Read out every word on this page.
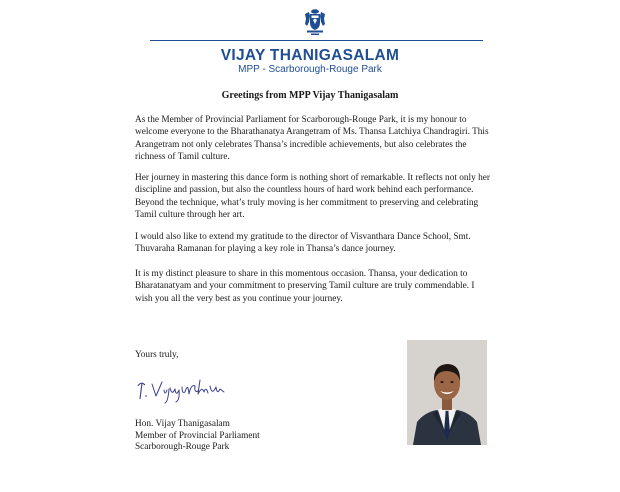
VIJAY THANIGASALAM
MPP - Scarborough-Rouge Park
Greetings from MPP Vijay Thanigasalam

As the Member of Provincial Parliament for Scarborough-Rouge Park, it is my honour to welcome everyone to the Bharathanatya Arangetram of Ms. Thansa Latchiya Chandragiri. This Arangetram not only celebrates Thansa’s incredible achievements, but also celebrates the richness of Tamil culture.

Her journey in mastering this dance form is nothing short of remarkable. It reflects not only her discipline and passion, but also the countless hours of hard work behind each performance. Beyond the technique, what’s truly moving is her commitment to preserving and celebrating Tamil culture through her art.

I would also like to extend my gratitude to the director of Visvanthara Dance School, Smt. Thuvaraha Ramanan for playing a key role in Thansa’s dance journey.

It is my distinct pleasure to share in this momentous occasion. Thansa, your dedication to Bharatanatyam and your commitment to preserving Tamil culture are truly commendable. I wish you all the very best as you continue your journey.

Yours truly,
Hon. Vijay Thanigasalam
Member of Provincial Parliament
Scarborough-Rouge Park
